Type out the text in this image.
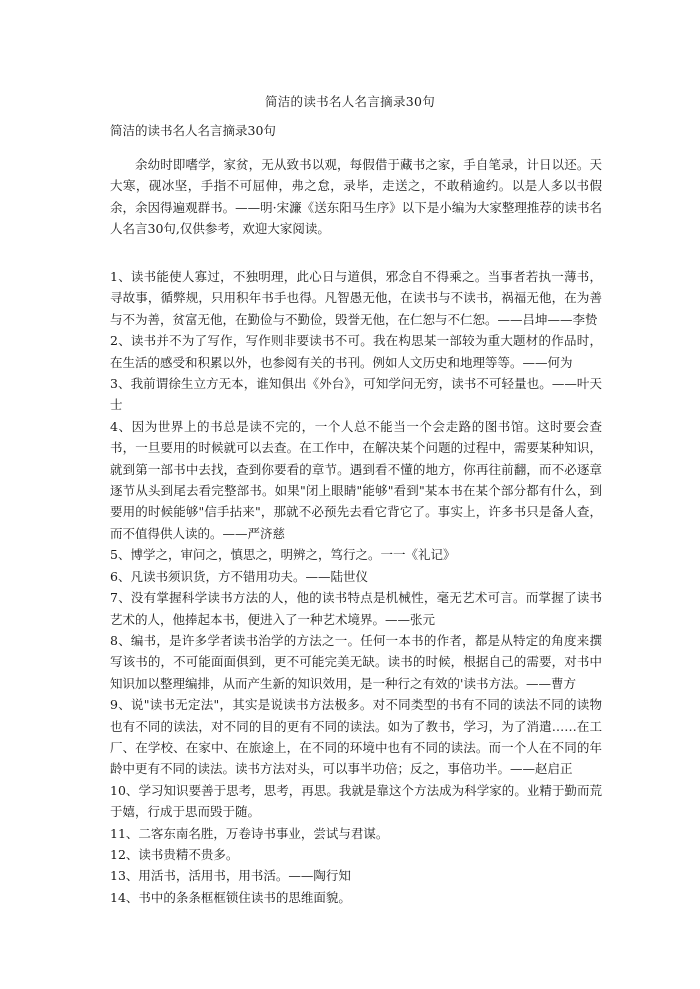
简洁的读书名人名言摘录30句
简洁的读书名人名言摘录30句

余幼时即嗜学，家贫，无从致书以观，每假借于藏书之家，手自笔录，计日以还。天大寒，砚冰坚，手指不可屈伸，弗之怠，录毕，走送之，不敢稍逾约。以是人多以书假余，余因得遍观群书。——明·宋濂《送东阳马生序》以下是小编为大家整理推荐的读书名人名言30句,仅供参考，欢迎大家阅读。

1、读书能使人寡过，不独明理，此心日与道俱，邪念自不得乘之。当事者若执一薄书，寻故事，循弊规，只用积年书手也得。凡智愚无他，在读书与不读书，祸福无他，在为善与不为善，贫富无他，在勤俭与不勤俭，毁誉无他，在仁恕与不仁恕。——吕坤——李贽
2、读书并不为了写作，写作则非要读书不可。我在构思某一部较为重大题材的作品时，在生活的感受和积累以外，也参阅有关的书刊。例如人文历史和地理等等。——何为
3、我前谓徐生立方无本，谁知俱出《外台》，可知学问无穷，读书不可轻量也。——叶天士
4、因为世界上的书总是读不完的，一个人总不能当一个会走路的图书馆。这时要会查书，一旦要用的时候就可以去查。在工作中，在解决某个问题的过程中，需要某种知识，就到第一部书中去找，查到你要看的章节。遇到看不懂的地方，你再往前翻，而不必逐章逐节从头到尾去看完整部书。如果"闭上眼睛"能够"看到"某本书在某个部分都有什么，到要用的时候能够"信手拈来"，那就不必预先去看它背它了。事实上，许多书只是备人查，而不值得供人读的。——严济慈
5、博学之，审问之，慎思之，明辨之，笃行之。一一《礼记》
6、凡读书须识货，方不错用功夫。——陆世仪
7、没有掌握科学读书方法的人，他的读书特点是机械性，毫无艺术可言。而掌握了读书艺术的人，他捧起本书，便进入了一种艺术境界。——张元
8、编书，是许多学者读书治学的方法之一。任何一本书的作者，都是从特定的角度来撰写该书的，不可能面面俱到，更不可能完美无缺。读书的时候，根据自己的需要，对书中知识加以整理编排，从而产生新的知识效用，是一种行之有效的'读书方法。——曹方
9、说"读书无定法"，其实是说读书方法极多。对不同类型的书有不同的读法不同的读物也有不同的读法，对不同的目的更有不同的读法。如为了教书，学习，为了消遣……在工厂、在学校、在家中、在旅途上，在不同的环境中也有不同的读法。而一个人在不同的年龄中更有不同的读法。读书方法对头，可以事半功倍；反之，事倍功半。——赵启正
10、学习知识要善于思考，思考，再思。我就是靠这个方法成为科学家的。业精于勤而荒于嬉，行成于思而毁于随。
11、二客东南名胜，万卷诗书事业，尝试与君谋。
12、读书贵精不贵多。
13、用活书，活用书，用书活。——陶行知
14、书中的条条框框锁住读书的思维面貌。
